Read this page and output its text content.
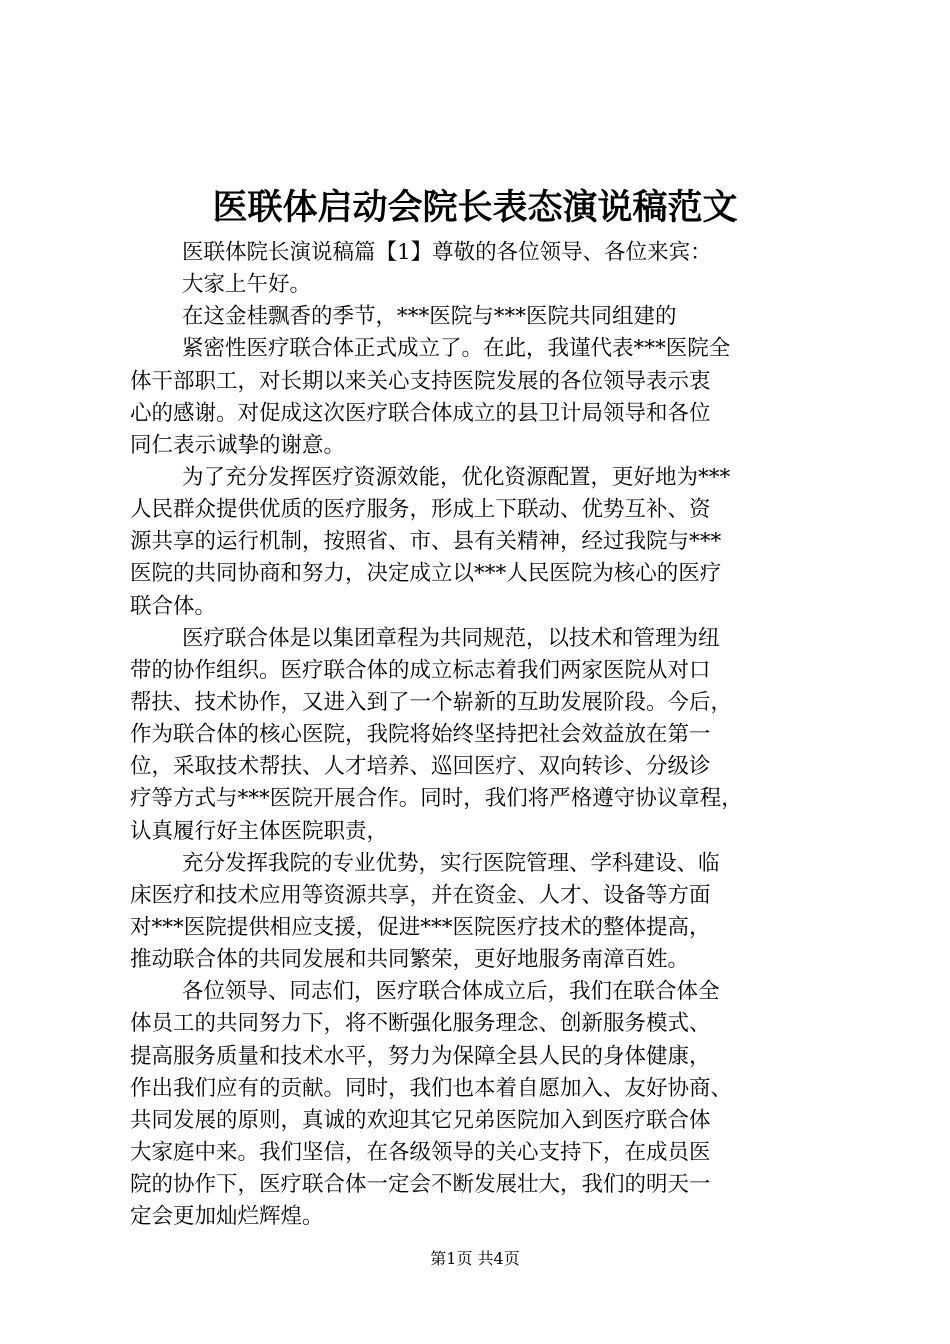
医联体启动会院长表态演说稿范文
医联体院长演说稿篇【1】尊敬的各位领导、各位来宾：
大家上午好。
在这金桂飘香的季节，***医院与***医院共同组建的
紧密性医疗联合体正式成立了。在此，我谨代表***医院全
体干部职工，对长期以来关心支持医院发展的各位领导表示衷
心的感谢。对促成这次医疗联合体成立的县卫计局领导和各位
同仁表示诚挚的谢意。
为了充分发挥医疗资源效能，优化资源配置，更好地为***
人民群众提供优质的医疗服务，形成上下联动、优势互补、资
源共享的运行机制，按照省、市、县有关精神，经过我院与***
医院的共同协商和努力，决定成立以***人民医院为核心的医疗
联合体。
医疗联合体是以集团章程为共同规范，以技术和管理为纽
带的协作组织。医疗联合体的成立标志着我们两家医院从对口
帮扶、技术协作，又进入到了一个崭新的互助发展阶段。今后，
作为联合体的核心医院，我院将始终坚持把社会效益放在第一
位，采取技术帮扶、人才培养、巡回医疗、双向转诊、分级诊
疗等方式与***医院开展合作。同时，我们将严格遵守协议章程，
认真履行好主体医院职责，
充分发挥我院的专业优势，实行医院管理、学科建设、临
床医疗和技术应用等资源共享，并在资金、人才、设备等方面
对***医院提供相应支援，促进***医院医疗技术的整体提高，
推动联合体的共同发展和共同繁荣，更好地服务南漳百姓。
各位领导、同志们，医疗联合体成立后，我们在联合体全
体员工的共同努力下，将不断强化服务理念、创新服务模式、
提高服务质量和技术水平，努力为保障全县人民的身体健康，
作出我们应有的贡献。同时，我们也本着自愿加入、友好协商、
共同发展的原则，真诚的欢迎其它兄弟医院加入到医疗联合体
大家庭中来。我们坚信，在各级领导的关心支持下，在成员医
院的协作下，医疗联合体一定会不断发展壮大，我们的明天一
定会更加灿烂辉煌。
第1页 共4页
